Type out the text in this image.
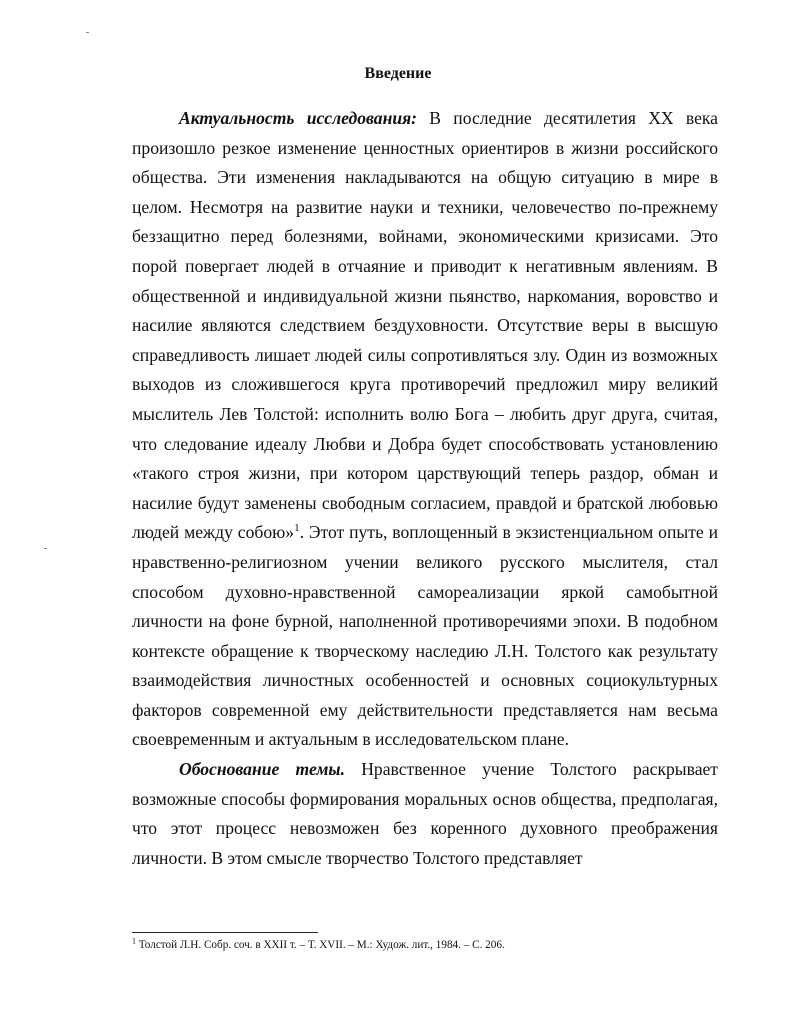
Введение

Актуальность исследования: В последние десятилетия XX века произошло резкое изменение ценностных ориентиров в жизни российского общества. Эти изменения накладываются на общую ситуацию в мире в целом. Несмотря на развитие науки и техники, человечество по-прежнему беззащитно перед болезнями, войнами, экономическими кризисами. Это порой повергает людей в отчаяние и приводит к негативным явлениям. В общественной и индивидуальной жизни пьянство, наркомания, воровство и насилие являются следствием бездуховности. Отсутствие веры в высшую справедливость лишает людей силы сопротивляться злу. Один из возможных выходов из сложившегося круга противоречий предложил миру великий мыслитель Лев Толстой: исполнить волю Бога – любить друг друга, считая, что следование идеалу Любви и Добра будет способствовать установлению «такого строя жизни, при котором царствующий теперь раздор, обман и насилие будут заменены свободным согласием, правдой и братской любовью людей между собою»$^1$. Этот путь, воплощенный в экзистенциальном опыте и нравственно-религиозном учении великого русского мыслителя, стал способом духовно-нравственной самореализации яркой самобытной личности на фоне бурной, наполненной противоречиями эпохи. В подобном контексте обращение к творческому наследию Л.Н. Толстого как результату взаимодействия личностных особенностей и основных социокультурных факторов современной ему действительности представляется нам весьма своевременным и актуальным в исследовательском плане.

Обоснование темы. Нравственное учение Толстого раскрывает возможные способы формирования моральных основ общества, предполагая, что этот процесс невозможен без коренного духовного преображения личности. В этом смысле творчество Толстого представляет

$^1$ Толстой Л.Н. Собр. соч. в XXII т. – Т. XVII. – М.: Худож. лит., 1984. – С. 206.
